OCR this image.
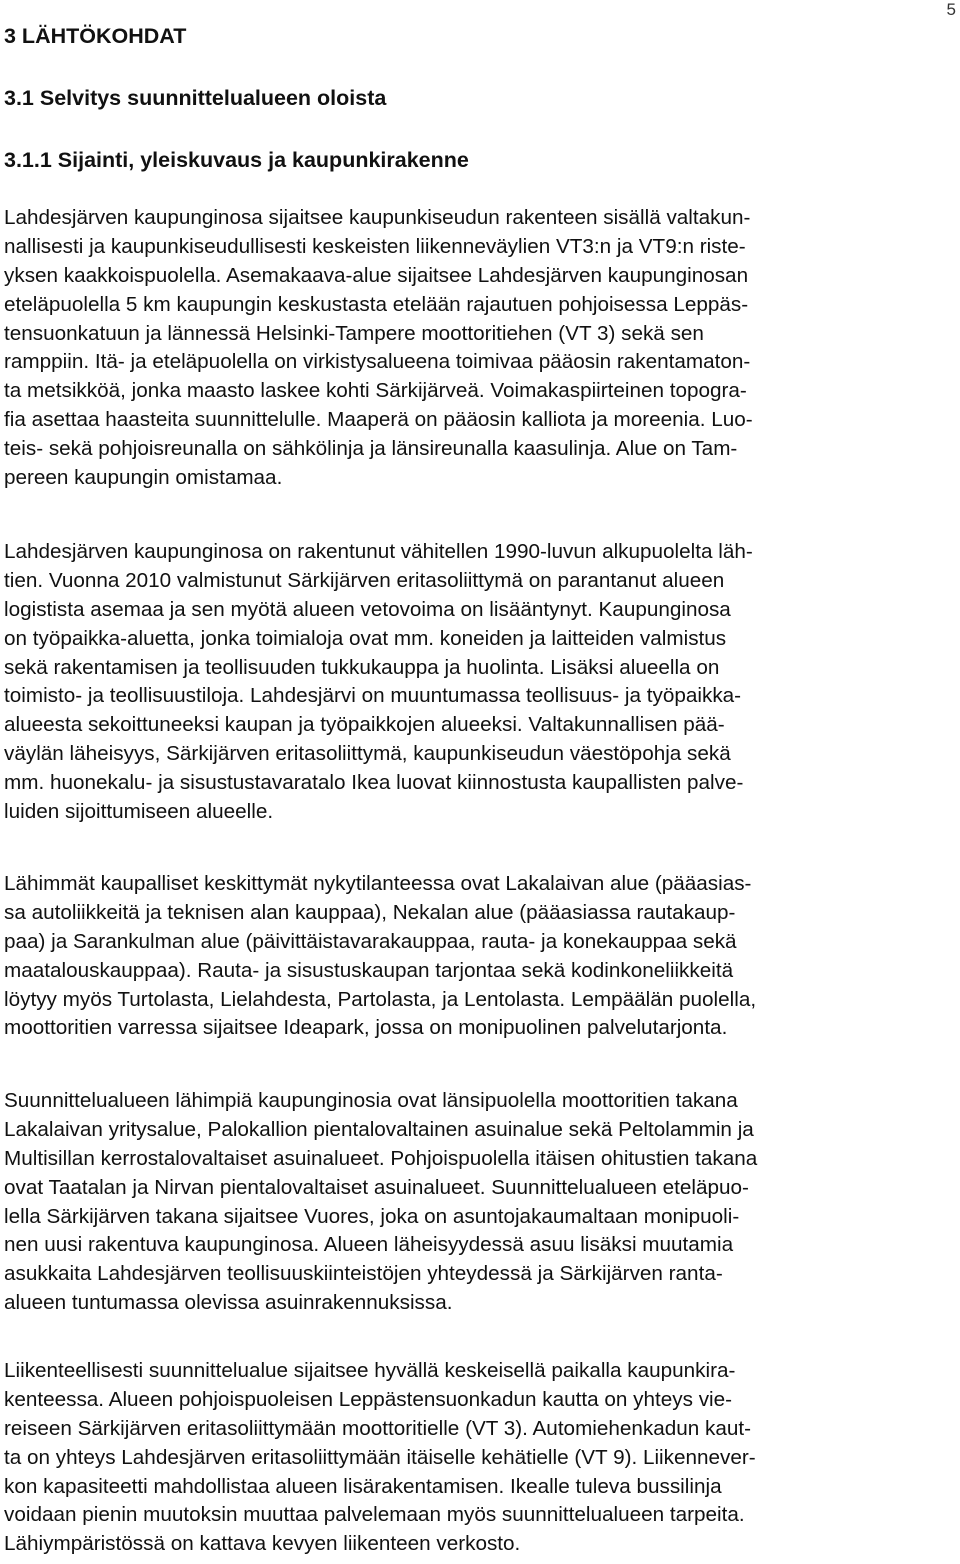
5
3 LÄHTÖKOHDAT
3.1 Selvitys suunnittelualueen oloista
3.1.1 Sijainti, yleiskuvaus ja kaupunkirakenne
Lahdesjärven kaupunginosa sijaitsee kaupunkiseudun rakenteen sisällä valtakun-
nallisesti ja kaupunkiseudullisesti keskeisten liikenneväylien VT3:n ja VT9:n riste-
yksen kaakkoispuolella. Asemakaava-alue sijaitsee Lahdesjärven kaupunginosan
eteläpuolella 5 km kaupungin keskustasta etelään rajautuen pohjoisessa Leppäs-
tensuonkatuun ja lännessä Helsinki-Tampere moottoritiehen (VT 3) sekä sen
ramppiin. Itä- ja eteläpuolella on virkistysalueena toimivaa pääosin rakentamaton-
ta metsikköä, jonka maasto laskee kohti Särkijärveä. Voimakaspiirteinen topogra-
fia asettaa haasteita suunnittelulle. Maaperä on pääosin kalliota ja moreenia. Luo-
teis- sekä pohjoisreunalla on sähkölinja ja länsireunalla kaasulinja. Alue on Tam-
pereen kaupungin omistamaa.
Lahdesjärven kaupunginosa on rakentunut vähitellen 1990-luvun alkupuolelta läh-
tien. Vuonna 2010 valmistunut Särkijärven eritasoliittymä on parantanut alueen
logistista asemaa ja sen myötä alueen vetovoima on lisääntynyt. Kaupunginosa
on työpaikka-aluetta, jonka toimialoja ovat mm. koneiden ja laitteiden valmistus
sekä rakentamisen ja teollisuuden tukkukauppa ja huolinta. Lisäksi alueella on
toimisto- ja teollisuustiloja. Lahdesjärvi on muuntumassa teollisuus- ja työpaikka-
alueesta sekoittuneeksi kaupan ja työpaikkojen alueeksi. Valtakunnallisen pää-
väylän läheisyys, Särkijärven eritasoliittymä, kaupunkiseudun väestöpohja sekä
mm. huonekalu- ja sisustustavaratalo Ikea luovat kiinnostusta kaupallisten palve-
luiden sijoittumiseen alueelle.
Lähimmät kaupalliset keskittymät nykytilanteessa ovat Lakalaivan alue (pääasias-
sa autoliikkeitä ja teknisen alan kauppaa), Nekalan alue (pääasiassa rautakaup-
paa) ja Sarankulman alue (päivittäistavarakauppaa, rauta- ja konekauppaa sekä
maatalouskauppaa). Rauta- ja sisustuskaupan tarjontaa sekä kodinkoneliikkeitä
löytyy myös Turtolasta, Lielahdesta, Partolasta, ja Lentolasta. Lempäälän puolella,
moottoritien varressa sijaitsee Ideapark, jossa on monipuolinen palvelutarjonta.
Suunnittelualueen lähimpiä kaupunginosia ovat länsipuolella moottoritien takana
Lakalaivan yritysalue, Palokallion pientalovaltainen asuinalue sekä Peltolammin ja
Multisillan kerrostalovaltaiset asuinalueet. Pohjoispuolella itäisen ohitustien takana
ovat Taatalan ja Nirvan pientalovaltaiset asuinalueet. Suunnittelualueen eteläpuo-
lella Särkijärven takana sijaitsee Vuores, joka on asuntojakaumaltaan monipuoli-
nen uusi rakentuva kaupunginosa. Alueen läheisyydessä asuu lisäksi muutamia
asukkaita Lahdesjärven teollisuuskiinteistöjen yhteydessä ja Särkijärven ranta-
alueen tuntumassa olevissa asuinrakennuksissa.
Liikenteellisesti suunnittelualue sijaitsee hyvällä keskeisellä paikalla kaupunkira-
kenteessa. Alueen pohjoispuoleisen Leppästensuonkadun kautta on yhteys vie-
reiseen Särkijärven eritasoliittymään moottoritielle (VT 3). Automiehenkadun kaut-
ta on yhteys Lahdesjärven eritasoliittymään itäiselle kehätielle (VT 9). Liikennever-
kon kapasiteetti mahdollistaa alueen lisärakentamisen. Ikealle tuleva bussilinja
voidaan pienin muutoksin muuttaa palvelemaan myös suunnittelualueen tarpeita.
Lähiympäristössä on kattava kevyen liikenteen verkosto.
